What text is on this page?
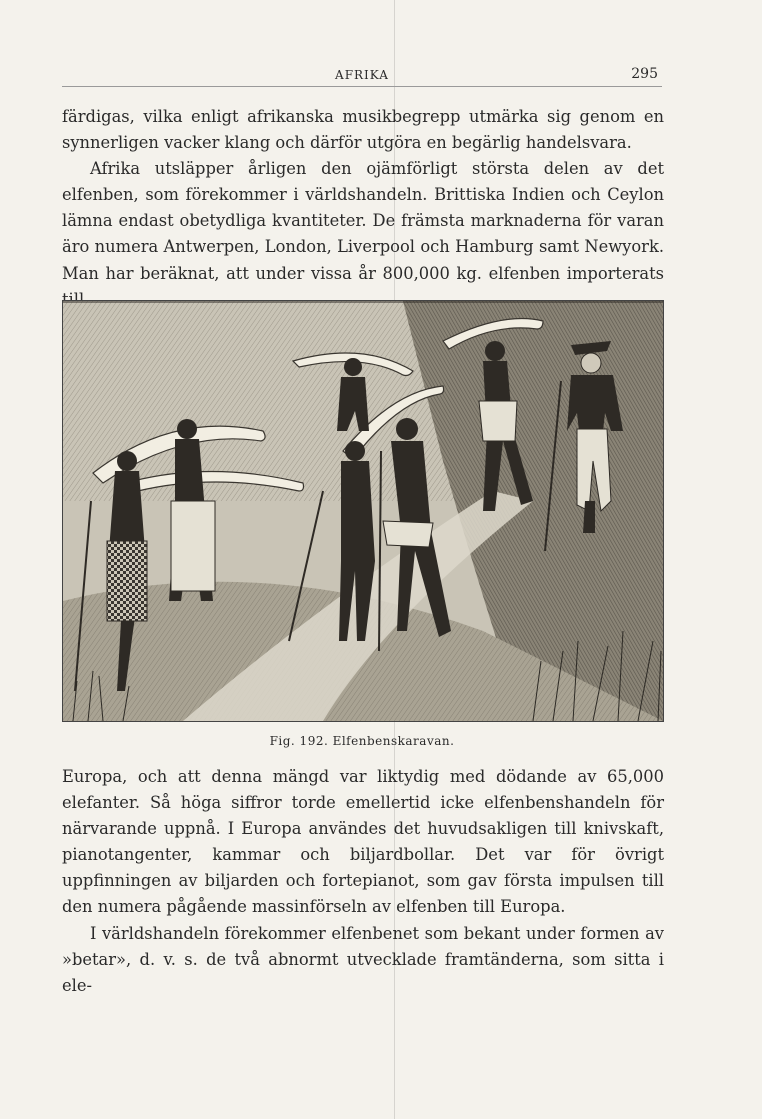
AFRIKA	295

färdigas, vilka enligt afrikanska musikbegrepp utmärka sig genom en synnerligen vacker klang och därför utgöra en begärlig handelsvara.

Afrika utsläpper årligen den ojämförligt största delen av det elfenben, som förekommer i världshandeln. Brittiska Indien och Ceylon lämna endast obetydliga kvantiteter. De främsta marknaderna för varan äro numera Antwerpen, London, Liverpool och Hamburg samt Newyork. Man har beräknat, att under vissa år 800,000 kg. elfenben importerats

Fig. 192. Elfenbenskaravan.

Europa, och att denna mängd var liktydig med dödande av 65,000 elefanter. Så höga siffror torde emellertid icke elfenbenshandeln för närvarande uppnå. I Europa användes det huvudsakligen till knivskaft, pianotangenter, kammar och biljardbollar. Det var för övrigt uppfinningen av biljarden och fortepianot, som gav första impulsen till den numera pågående massinförseln av elfenben till Europa.

I världshandeln förekommer elfenbenet som bekant under formen av »betar», d. v. s. de två abnormt utvecklade framtänderna, som sitta i ele-
